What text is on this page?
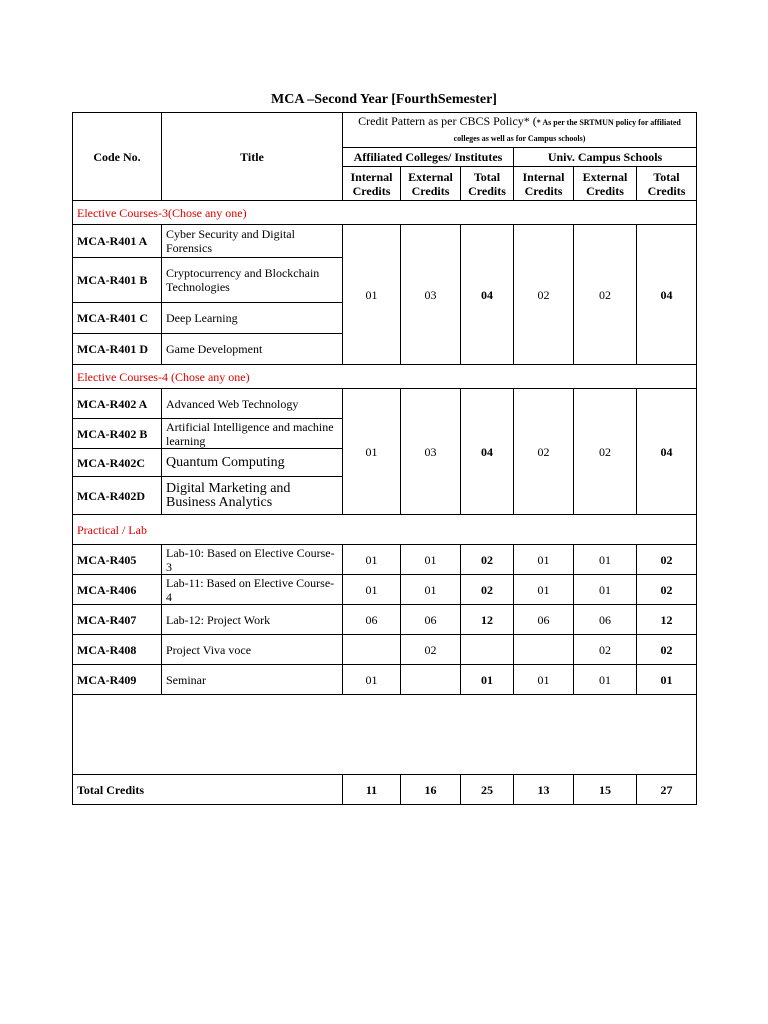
MCA –Second Year [FourthSemester]
Code No.	Title	Credit Pattern as per CBCS Policy* (* As per the SRTMUN policy for affiliated colleges as well as for Campus schools)					
		Affiliated Colleges/ Institutes			Univ. Campus Schools		
		Internal Credits	External Credits	Total Credits	Internal Credits	External Credits	Total Credits
Elective Courses-3(Chose any one)							
MCA-R401 A	Cyber Security and Digital Forensics	01	03	04	02	02	04
MCA-R401 B	Cryptocurrency and Blockchain Technologies						
MCA-R401 C	Deep Learning						
MCA-R401 D	Game Development						
Elective Courses-4 (Chose any one)							
MCA-R402 A	Advanced Web Technology	01	03	04	02	02	04
MCA-R402 B	Artificial Intelligence and machine learning						
MCA-R402C	Quantum Computing						
MCA-R402D	Digital Marketing and Business Analytics						
Practical / Lab							
MCA-R405	Lab-10: Based on Elective Course-3	01	01	02	01	01	02
MCA-R406	Lab-11: Based on Elective Course-4	01	01	02	01	01	02
MCA-R407	Lab-12: Project Work	06	06	12	06	06	12
MCA-R408	Project Viva voce		02			02	02
MCA-R409	Seminar	01		01	01	01	01

Total Credits		11	16	25	13	15	27
